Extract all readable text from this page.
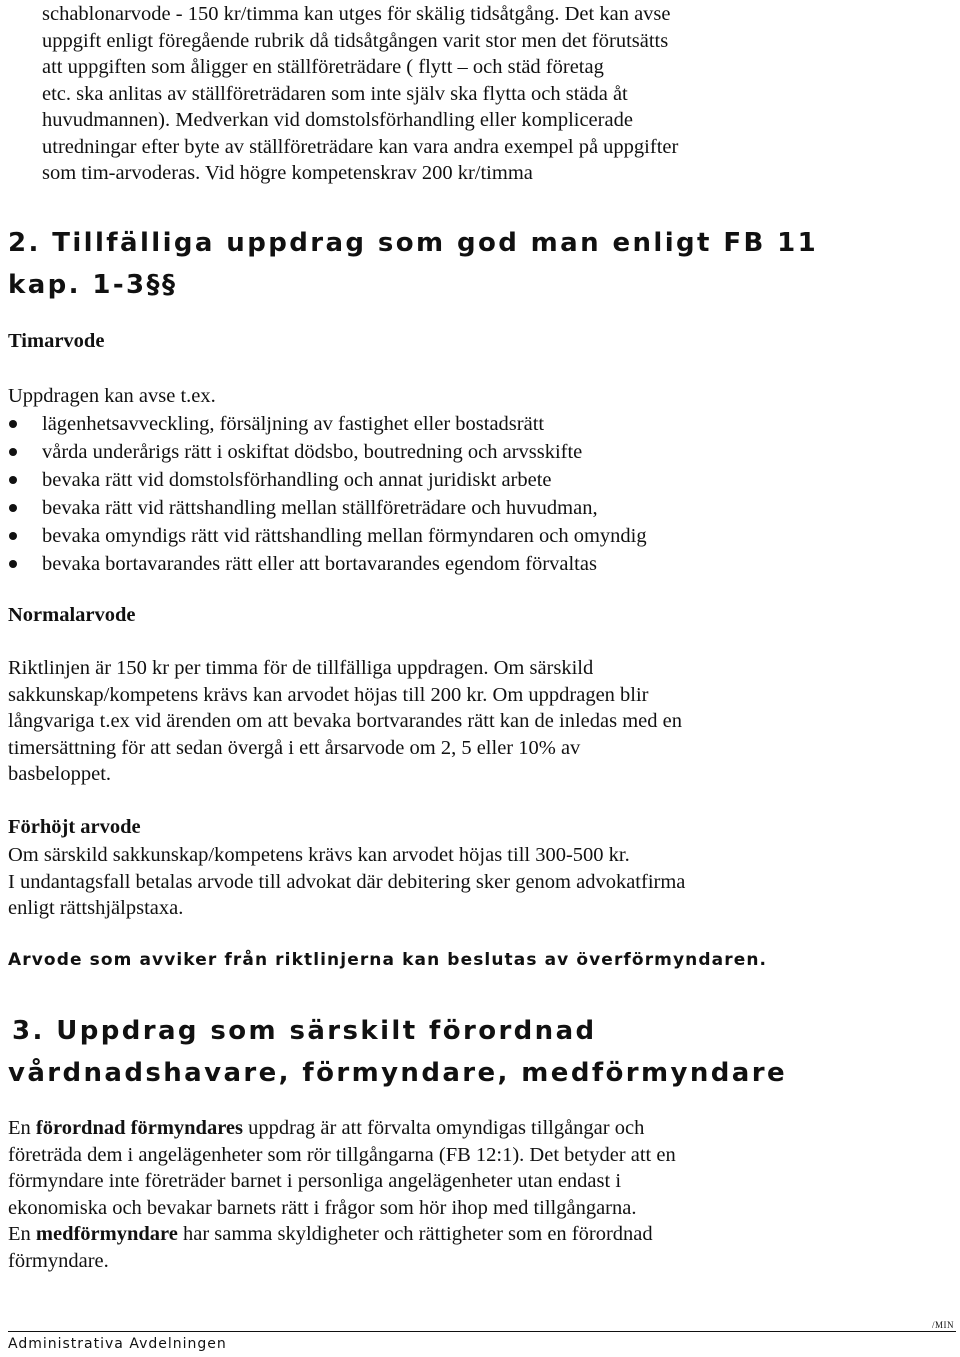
schablonarvode - 150 kr/timma kan utges för skälig tidsåtgång. Det kan avse
uppgift enligt föregående rubrik då tidsåtgången varit stor men det förutsätts
att uppgiften som åligger en ställföreträdare ( flytt – och städ företag
etc. ska anlitas av ställföreträdaren som inte själv ska flytta och städa åt
huvudmannen). Medverkan vid domstolsförhandling eller komplicerade
utredningar efter byte av ställföreträdare kan vara andra exempel på uppgifter
som tim-arvoderas. Vid högre kompetenskrav 200 kr/timma
2. Tillfälliga uppdrag som god man enligt FB 11
kap. 1-3§§
Timarvode
Uppdragen kan avse t.ex.
lägenhetsavveckling, försäljning av fastighet eller bostadsrätt
vårda underårigs rätt i oskiftat dödsbo, boutredning och arvsskifte
bevaka rätt vid domstolsförhandling och annat juridiskt arbete
bevaka rätt vid rättshandling mellan ställföreträdare och huvudman,
bevaka omyndigs rätt vid rättshandling mellan förmyndaren och omyndig
bevaka bortavarandes rätt eller att bortavarandes egendom förvaltas
Normalarvode
Riktlinjen är 150 kr per timma för de tillfälliga uppdragen. Om särskild
sakkunskap/kompetens krävs kan arvodet höjas till 200 kr. Om uppdragen blir
långvariga t.ex vid ärenden om att bevaka bortvarandes rätt kan de inledas med en
timersättning för att sedan övergå i ett årsarvode om 2, 5 eller 10% av
basbeloppet.
Förhöjt arvode
Om särskild sakkunskap/kompetens krävs kan arvodet höjas till 300-500 kr.
I undantagsfall betalas arvode till advokat där debitering sker genom advokatfirma
enligt rättshjälpstaxa.
Arvode som avviker från riktlinjerna kan beslutas av överförmyndaren.
3. Uppdrag som särskilt förordnad
vårdnadshavare, förmyndare, medförmyndare
En förordnad förmyndares uppdrag är att förvalta omyndigas tillgångar och
företräda dem i angelägenheter som rör tillgångarna (FB 12:1). Det betyder att en
förmyndare inte företräder barnet i personliga angelägenheter utan endast i
ekonomiska och bevakar barnets rätt i frågor som hör ihop med tillgångarna.
En medförmyndare har samma skyldigheter och rättigheter som en förordnad
förmyndare.
/MIN
Administrativa Avdelningen
